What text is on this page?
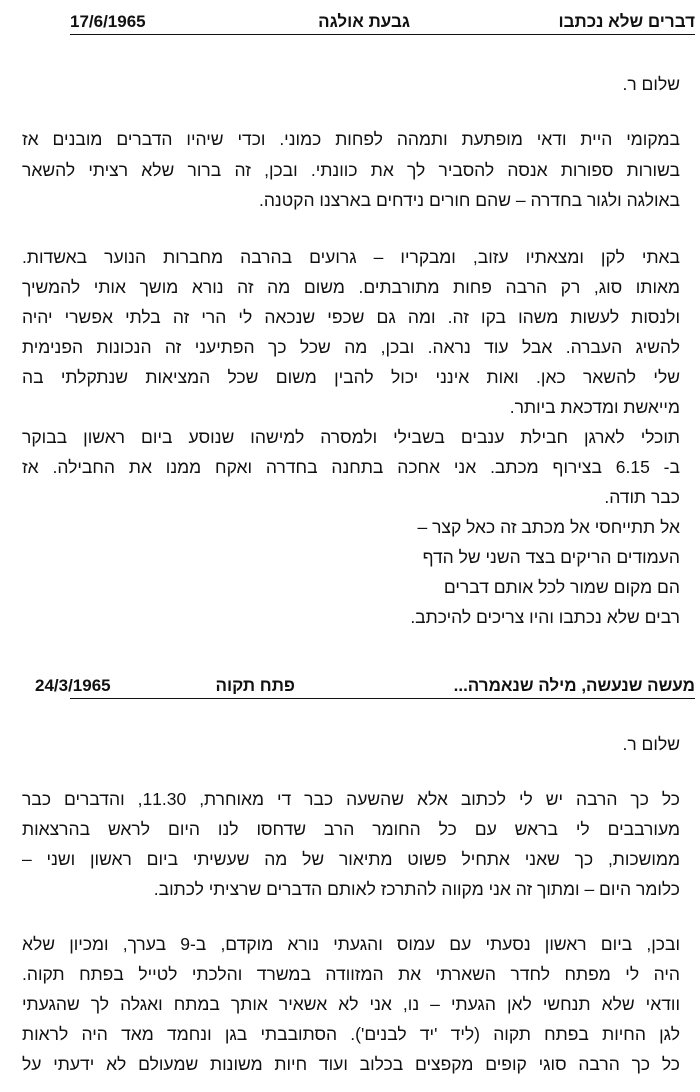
דברים שלא נכתבו
גבעת אולגה
17/6/1965
שלום ר.
במקומי היית ודאי מופתעת ותמהה לפחות כמוני. וכדי שיהיו הדברים מובנים אז
בשורות ספורות אנסה להסביר לך את כוונתי. ובכן, זה ברור שלא רציתי להשאר
באולגה ולגור בחדרה – שהם חורים נידחים בארצנו הקטנה.
באתי לקן ומצאתיו עזוב, ומבקריו – גרועים בהרבה מחברות הנוער באשדות.
מאותו סוג, רק הרבה פחות מתורבתים. משום מה זה נורא מושך אותי להמשיך
ולנסות לעשות משהו בקו זה. ומה גם שכפי שנכאה לי הרי זה בלתי אפשרי יהיה
להשיג העברה. אבל עוד נראה. ובכן, מה שכל כך הפתיעני זה הנכונות הפנימית
שלי להשאר כאן. ואות אינני יכול להבין משום שכל המציאות שנתקלתי בה
מייאשת ומדכאת ביותר.
תוכלי לארגן חבילת ענבים בשבילי ולמסרה למישהו שנוסע ביום ראשון בבוקר
ב- 6.15 בצירוף מכתב. אני אחכה בתחנה בחדרה ואקח ממנו את החבילה. אז
כבר תודה.
אל תתייחסי אל מכתב זה כאל קצר –
העמודים הריקים בצד השני של הדף
הם מקום שמור לכל אותם דברים
רבים שלא נכתבו והיו צריכים להיכתב.
מעשה שנעשה, מילה שנאמרה...
פתח תקוה
24/3/1965
שלום ר.
כל כך הרבה יש לי לכתוב אלא שהשעה כבר די מאוחרת, 11.30, והדברים כבר
מעורבבים לי בראש עם כל החומר הרב שדחסו לנו היום לראש בהרצאות
ממושכות, כך שאני אתחיל פשוט מתיאור של מה שעשיתי ביום ראשון ושני –
כלומר היום – ומתוך זה אני מקווה להתרכז לאותם הדברים שרציתי לכתוב.
ובכן, ביום ראשון נסעתי עם עמוס והגעתי נורא מוקדם, ב-9 בערך, ומכיון שלא
היה לי מפתח לחדר השארתי את המזוודה במשרד והלכתי לטייל בפתח תקוה.
וודאי שלא תנחשי לאן הגעתי – נו, אני לא אשאיר אותך במתח ואגלה לך שהגעתי
לגן החיות בפתח תקוה (ליד 'יד לבנים'). הסתובבתי בגן ונחמד מאד היה לראות
כל כך הרבה סוגי קופים מקפצים בכלוב ועוד חיות משונות שמעולם לא ידעתי על
